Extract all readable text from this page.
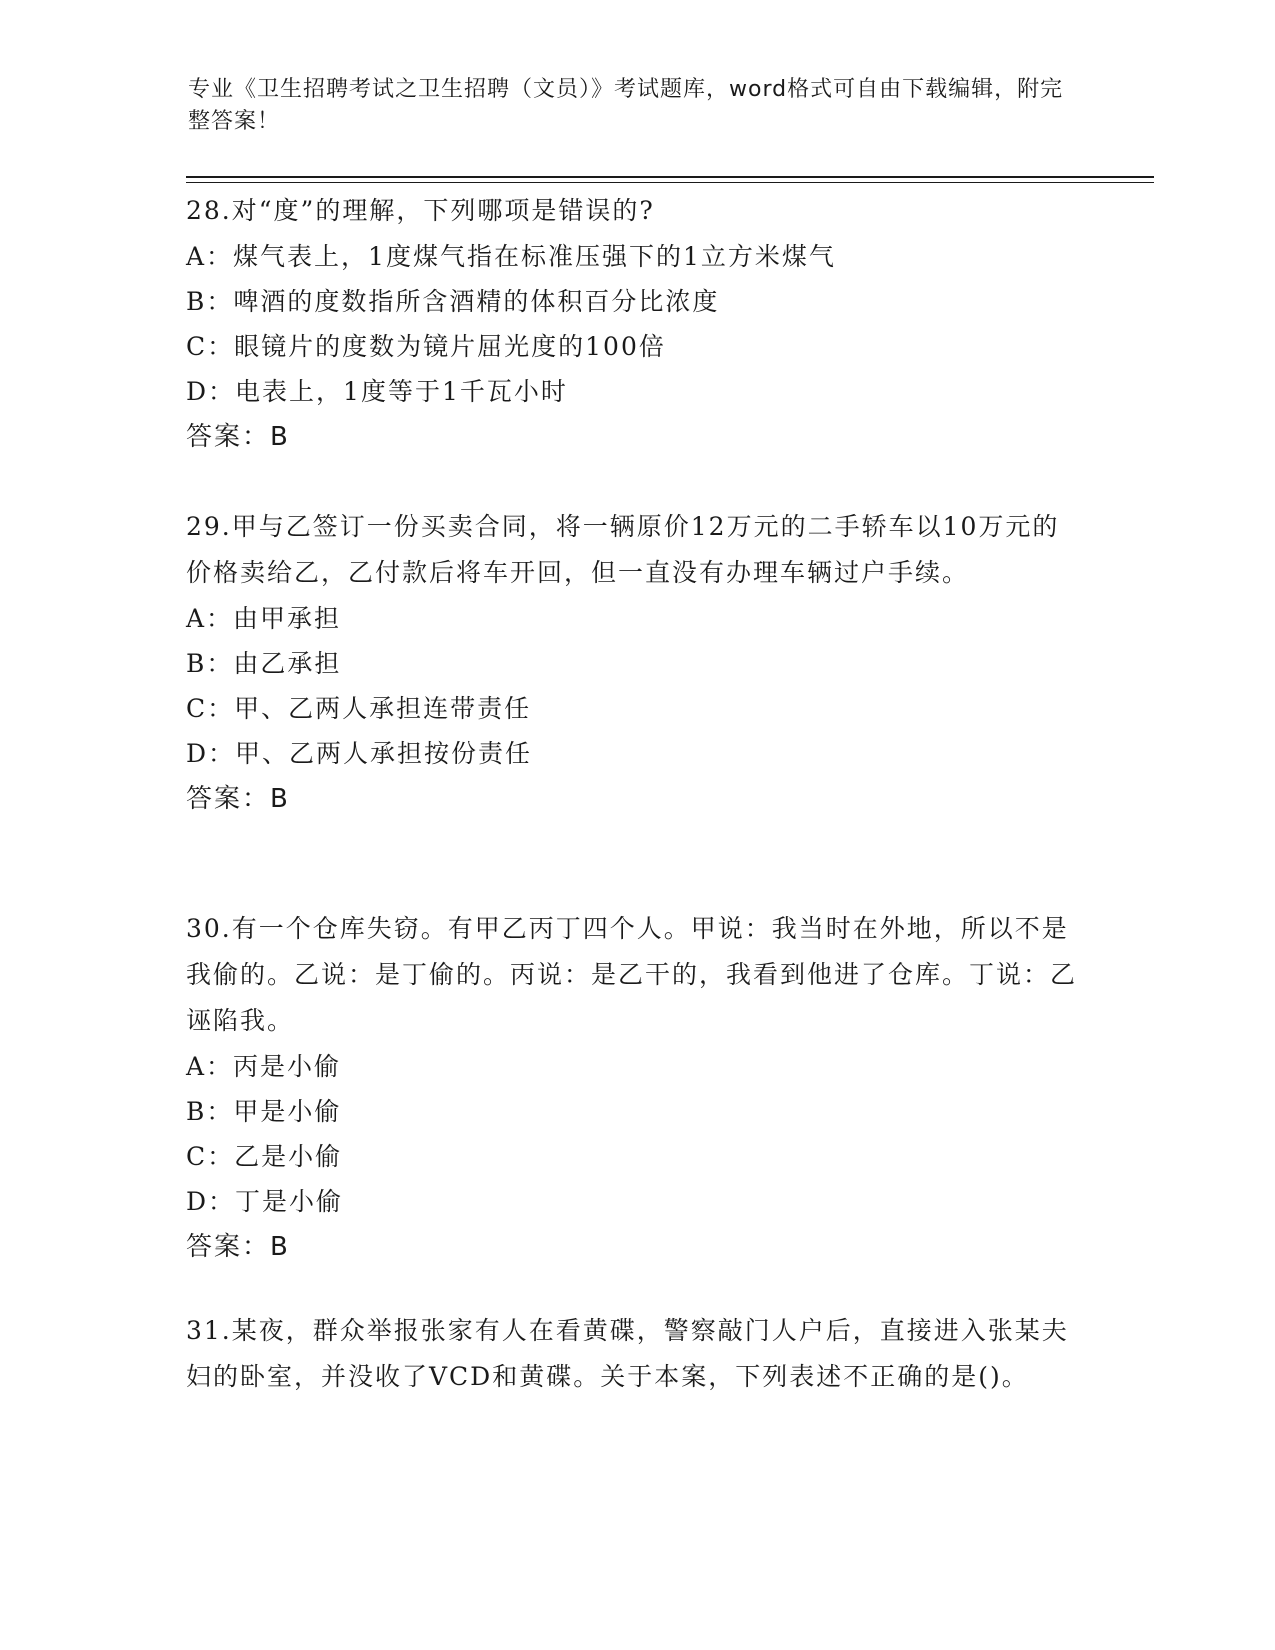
专业《卫生招聘考试之卫生招聘（文员）》考试题库，word格式可自由下载编辑，附完整答案！

28.对“度”的理解，下列哪项是错误的?

A：煤气表上，1度煤气指在标准压强下的1立方米煤气

B：啤酒的度数指所含酒精的体积百分比浓度

C：眼镜片的度数为镜片屈光度的100倍

D：电表上，1度等于1千瓦小时

答案：B

29.甲与乙签订一份买卖合同，将一辆原价12万元的二手轿车以10万元的价格卖给乙，乙付款后将车开回，但一直没有办理车辆过户手续。

A：由甲承担

B：由乙承担

C：甲、乙两人承担连带责任

D：甲、乙两人承担按份责任

答案：B

30.有一个仓库失窃。有甲乙丙丁四个人。甲说：我当时在外地，所以不是我偷的。乙说：是丁偷的。丙说：是乙干的，我看到他进了仓库。丁说：乙诬陷我。

A：丙是小偷

B：甲是小偷

C：乙是小偷

D：丁是小偷

答案：B

31.某夜，群众举报张家有人在看黄碟，警察敲门人户后，直接进入张某夫妇的卧室，并没收了VCD和黄碟。关于本案，下列表述不正确的是()。
